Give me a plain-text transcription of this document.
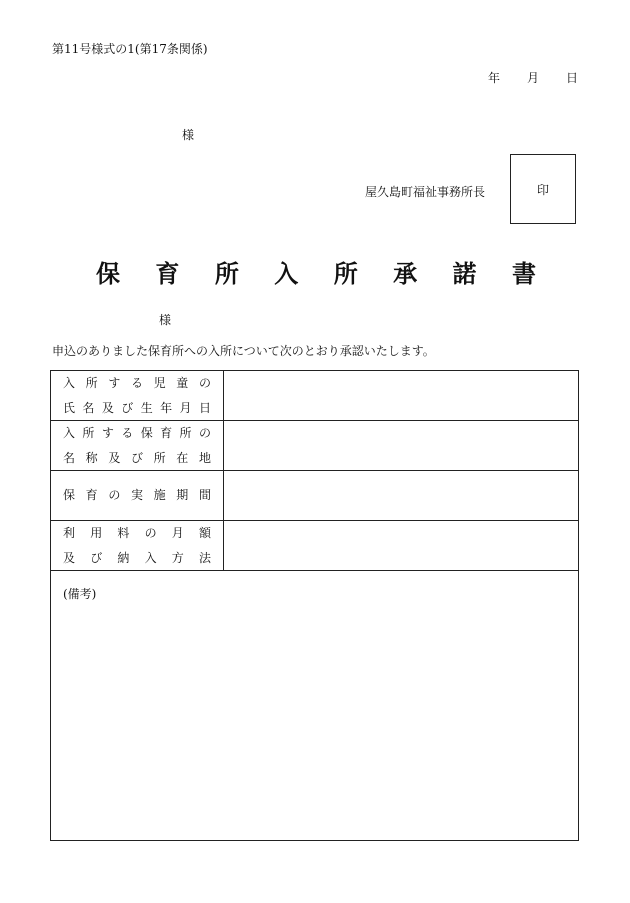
第11号様式の1(第17条関係)
年 月 日
様
屋久島町福祉事務所長	印
保 育 所 入 所 承 諾 書
様
申込のありました保育所への入所について次のとおり承認いたします。
利 用 料 の 月 額
及 び 納 入 方 法
保 育 の 実 施 期 間
入 所 す る 保 育 所 の
名 称 及 び 所 在 地
入 所 す る 児 童 の
氏 名 及 び 生 年 月 日
(備考)
